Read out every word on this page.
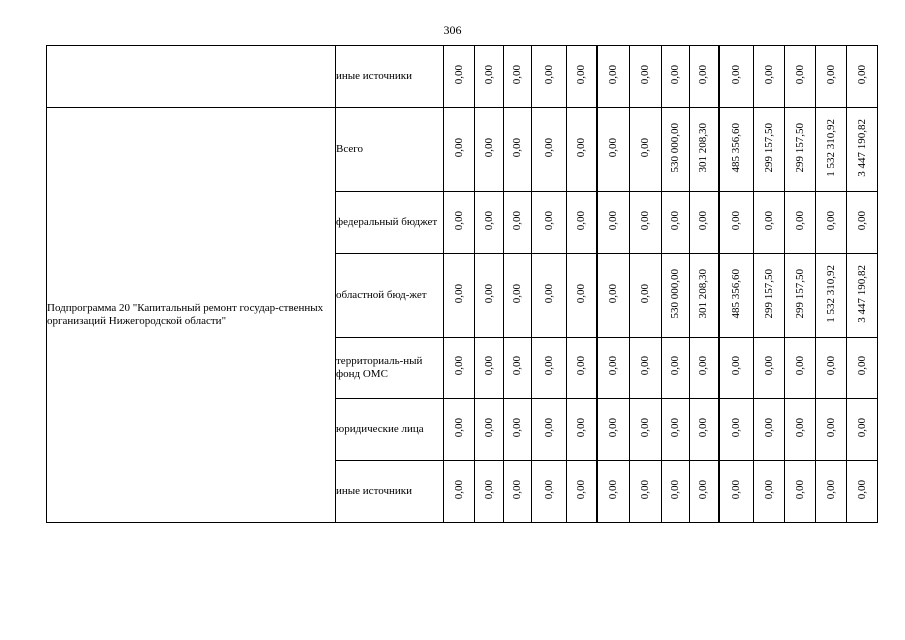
306
	иные источники	0,00	0,00	0,00	0,00	0,00	0,00	0,00	0,00	0,00	0,00	0,00	0,00	0,00	0,00
Подпрограмма 20 "Капитальный ремонт государ-ственных организаций Нижегородской области"	Всего	0,00	0,00	0,00	0,00	0,00	0,00	0,00	530 000,00	301 208,30	485 356,60	299 157,50	299 157,50	1 532 310,92	3 447 190,82
	федеральный бюджет	0,00	0,00	0,00	0,00	0,00	0,00	0,00	0,00	0,00	0,00	0,00	0,00	0,00	0,00
	областной бюд-жет	0,00	0,00	0,00	0,00	0,00	0,00	0,00	530 000,00	301 208,30	485 356,60	299 157,50	299 157,50	1 532 310,92	3 447 190,82
	территориаль-ный фонд ОМС	0,00	0,00	0,00	0,00	0,00	0,00	0,00	0,00	0,00	0,00	0,00	0,00	0,00	0,00
	юридические лица	0,00	0,00	0,00	0,00	0,00	0,00	0,00	0,00	0,00	0,00	0,00	0,00	0,00	0,00
	иные источники	0,00	0,00	0,00	0,00	0,00	0,00	0,00	0,00	0,00	0,00	0,00	0,00	0,00	0,00
